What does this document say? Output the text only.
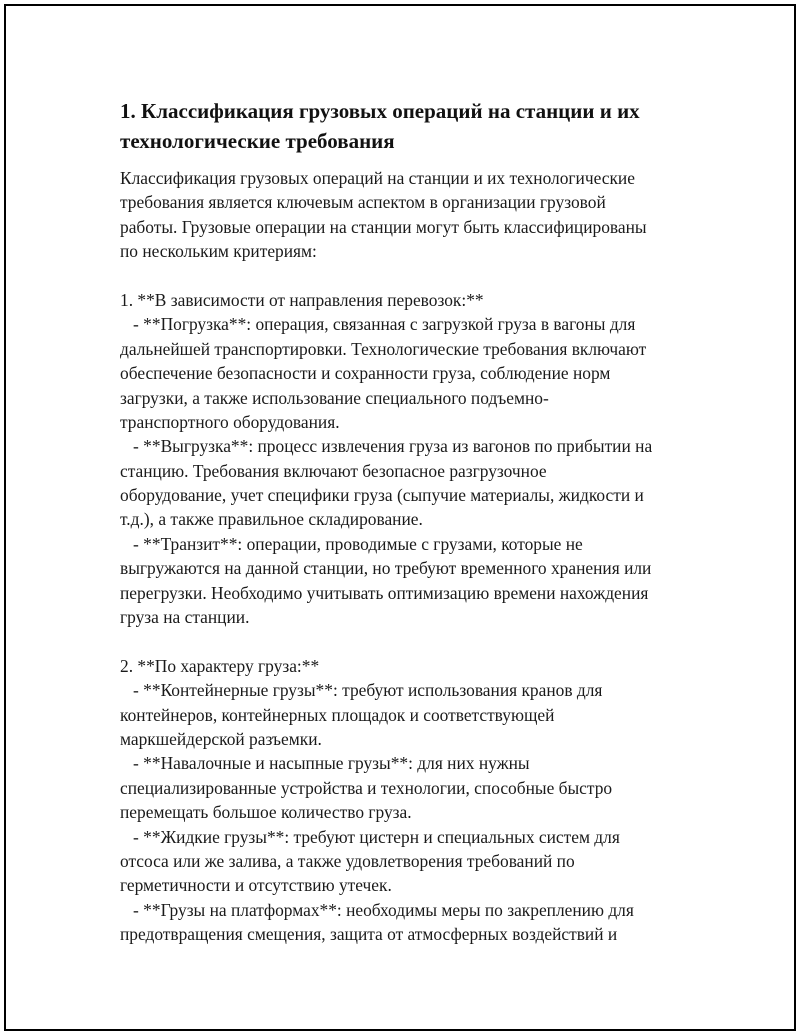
1. Классификация грузовых операций на станции и их
технологические требования
Классификация грузовых операций на станции и их технологические
требования является ключевым аспектом в организации грузовой
работы. Грузовые операции на станции могут быть классифицированы
по нескольким критериям:
1. **В зависимости от направления перевозок:**
- **Погрузка**: операция, связанная с загрузкой груза в вагоны для
дальнейшей транспортировки. Технологические требования включают
обеспечение безопасности и сохранности груза, соблюдение норм
загрузки, а также использование специального подъемно-
транспортного оборудования.
- **Выгрузка**: процесс извлечения груза из вагонов по прибытии на
станцию. Требования включают безопасное разгрузочное
оборудование, учет специфики груза (сыпучие материалы, жидкости и
т.д.), а также правильное складирование.
- **Транзит**: операции, проводимые с грузами, которые не
выгружаются на данной станции, но требуют временного хранения или
перегрузки. Необходимо учитывать оптимизацию времени нахождения
груза на станции.
2. **По характеру груза:**
- **Контейнерные грузы**: требуют использования кранов для
контейнеров, контейнерных площадок и соответствующей
маркшейдерской разъемки.
- **Навалочные и насыпные грузы**: для них нужны
специализированные устройства и технологии, способные быстро
перемещать большое количество груза.
- **Жидкие грузы**: требуют цистерн и специальных систем для
отсоса или же залива, а также удовлетворения требований по
герметичности и отсутствию утечек.
- **Грузы на платформах**: необходимы меры по закреплению для
предотвращения смещения, защита от атмосферных воздействий и
